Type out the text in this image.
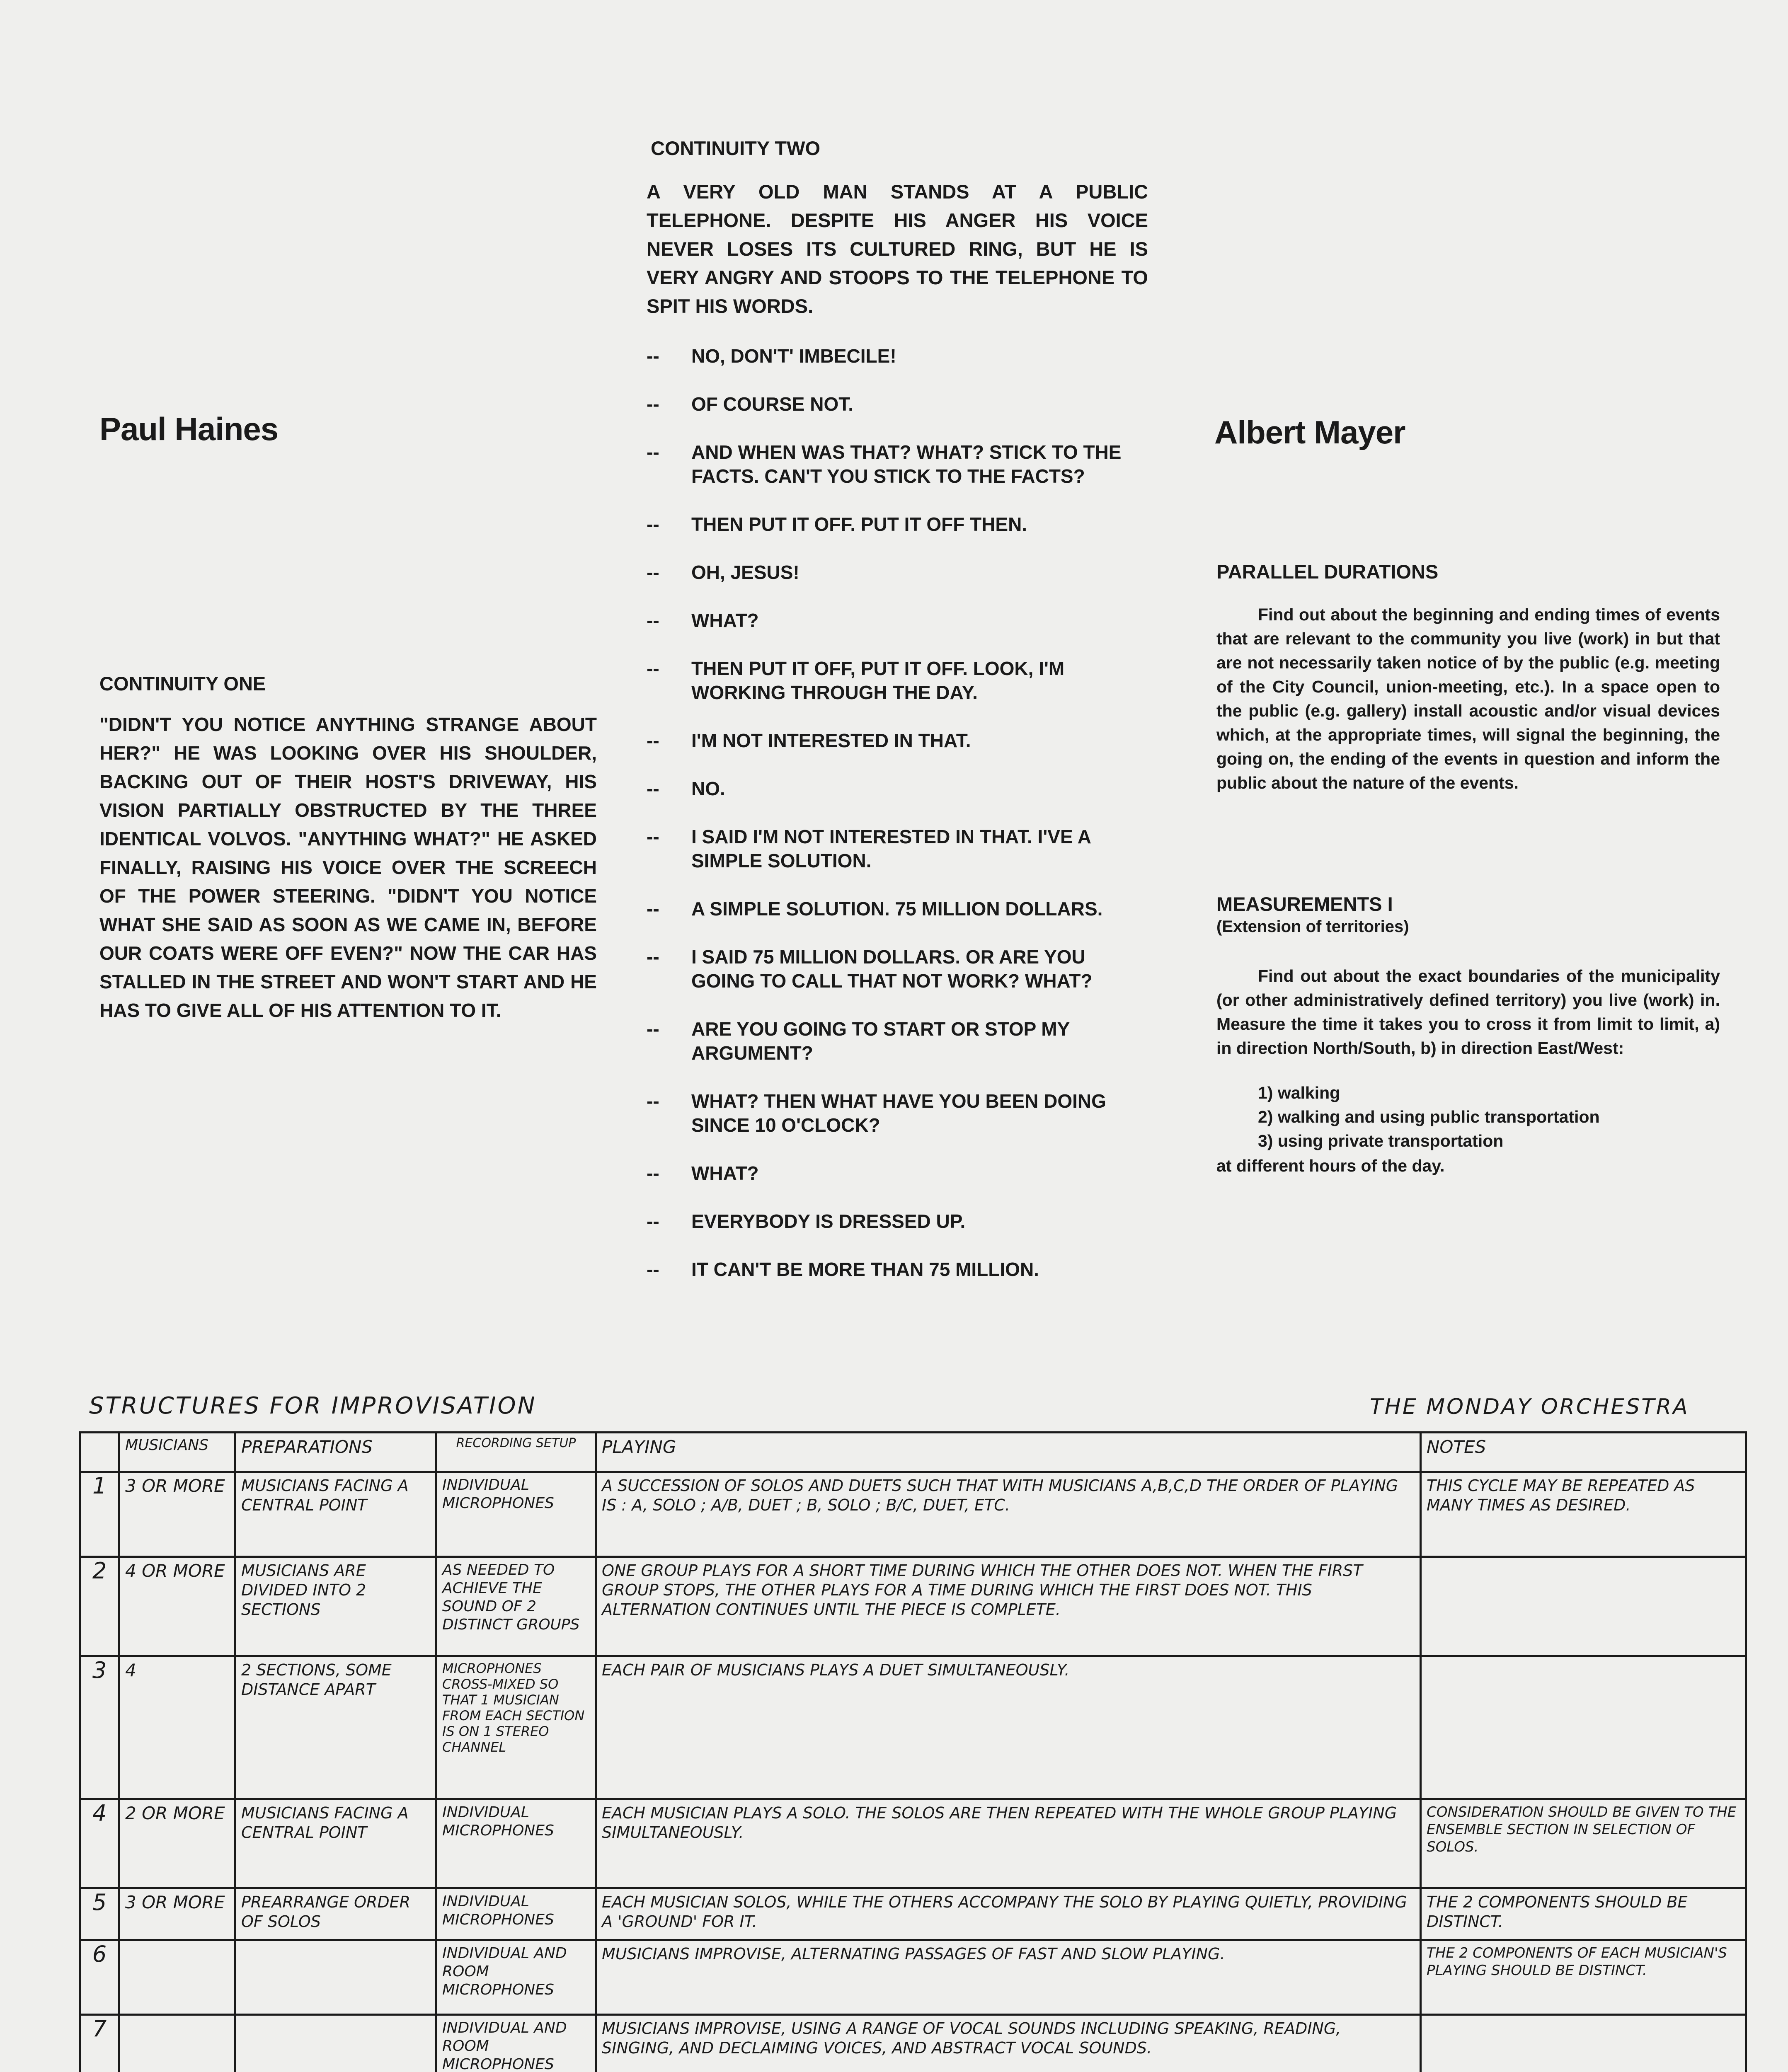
Paul Haines
CONTINUITY ONE
"DIDN'T YOU NOTICE ANYTHING STRANGE ABOUT HER?" HE WAS LOOKING OVER HIS SHOULDER, BACKING OUT OF THEIR HOST'S DRIVEWAY, HIS VISION PARTIALLY OBSTRUCTED BY THE THREE IDENTICAL VOLVOS. "ANYTHING WHAT?" HE ASKED FINALLY, RAISING HIS VOICE OVER THE SCREECH OF THE POWER STEERING. "DIDN'T YOU NOTICE WHAT SHE SAID AS SOON AS WE CAME IN, BEFORE OUR COATS WERE OFF EVEN?" NOW THE CAR HAS STALLED IN THE STREET AND WON'T START AND HE HAS TO GIVE ALL OF HIS ATTENTION TO IT.
CONTINUITY TWO
A VERY OLD MAN STANDS AT A PUBLIC TELEPHONE. DESPITE HIS ANGER HIS VOICE NEVER LOSES ITS CULTURED RING, BUT HE IS VERY ANGRY AND STOOPS TO THE TELEPHONE TO SPIT HIS WORDS.
-- NO, DON'T' IMBECILE!
-- OF COURSE NOT.
-- AND WHEN WAS THAT? WHAT? STICK TO THE FACTS. CAN'T YOU STICK TO THE FACTS?
-- THEN PUT IT OFF. PUT IT OFF THEN.
-- OH, JESUS!
-- WHAT?
-- THEN PUT IT OFF, PUT IT OFF. LOOK, I'M WORKING THROUGH THE DAY.
-- I'M NOT INTERESTED IN THAT.
-- NO.
-- I SAID I'M NOT INTERESTED IN THAT. I'VE A SIMPLE SOLUTION.
-- A SIMPLE SOLUTION. 75 MILLION DOLLARS.
-- I SAID 75 MILLION DOLLARS. OR ARE YOU GOING TO CALL THAT NOT WORK? WHAT?
-- ARE YOU GOING TO START OR STOP MY ARGUMENT?
-- WHAT? THEN WHAT HAVE YOU BEEN DOING SINCE 10 O'CLOCK?
-- WHAT?
-- EVERYBODY IS DRESSED UP.
-- IT CAN'T BE MORE THAN 75 MILLION.
Albert Mayer
PARALLEL DURATIONS
Find out about the beginning and ending times of events that are relevant to the community you live (work) in but that are not necessarily taken notice of by the public (e.g. meeting of the City Council, union-meeting, etc.). In a space open to the public (e.g. gallery) install acoustic and/or visual devices which, at the appropriate times, will signal the beginning, the going on, the ending of the events in question and inform the public about the nature of the events.
MEASUREMENTS I
(Extension of territories)
Find out about the exact boundaries of the municipality (or other administratively defined territory) you live (work) in. Measure the time it takes you to cross it from limit to limit, a) in direction North/South, b) in direction East/West:
1) walking
2) walking and using public transportation
3) using private transportation
at different hours of the day.
STRUCTURES FOR IMPROVISATION	THE MONDAY ORCHESTRA
	MUSICIANS	PREPARATIONS	RECORDING SETUP	PLAYING	NOTES
1	3 OR MORE	MUSICIANS FACING A CENTRAL POINT	INDIVIDUAL MICROPHONES	A SUCCESSION OF SOLOS AND DUETS SUCH THAT WITH MUSICIANS A,B,C,D THE ORDER OF PLAYING IS : A, SOLO ; A/B, DUET ; B, SOLO ; B/C, DUET, ETC.	THIS CYCLE MAY BE REPEATED AS MANY TIMES AS DESIRED.
2	4 OR MORE	MUSICIANS ARE DIVIDED INTO 2 SECTIONS	AS NEEDED TO ACHIEVE THE SOUND OF 2 DISTINCT GROUPS	ONE GROUP PLAYS FOR A SHORT TIME DURING WHICH THE OTHER DOES NOT. WHEN THE FIRST GROUP STOPS, THE OTHER PLAYS FOR A TIME DURING WHICH THE FIRST DOES NOT. THIS ALTERNATION CONTINUES UNTIL THE PIECE IS COMPLETE.	
3	4	2 SECTIONS, SOME DISTANCE APART	MICROPHONES CROSS-MIXED SO THAT 1 MUSICIAN FROM EACH SECTION IS ON 1 STEREO CHANNEL	EACH PAIR OF MUSICIANS PLAYS A DUET SIMULTANEOUSLY.	
4	2 OR MORE	MUSICIANS FACING A CENTRAL POINT	INDIVIDUAL MICROPHONES	EACH MUSICIAN PLAYS A SOLO. THE SOLOS ARE THEN REPEATED WITH THE WHOLE GROUP PLAYING SIMULTANEOUSLY.	CONSIDERATION SHOULD BE GIVEN TO THE ENSEMBLE SECTION IN SELECTION OF SOLOS.
5	3 OR MORE	PREARRANGE ORDER OF SOLOS	INDIVIDUAL MICROPHONES	EACH MUSICIAN SOLOS, WHILE THE OTHERS ACCOMPANY THE SOLO BY PLAYING QUIETLY, PROVIDING A 'GROUND' FOR IT.	THE 2 COMPONENTS SHOULD BE DISTINCT.
6			INDIVIDUAL AND ROOM MICROPHONES	MUSICIANS IMPROVISE, ALTERNATING PASSAGES OF FAST AND SLOW PLAYING.	THE 2 COMPONENTS OF EACH MUSICIAN'S PLAYING SHOULD BE DISTINCT.
7			INDIVIDUAL AND ROOM MICROPHONES	MUSICIANS IMPROVISE, USING A RANGE OF VOCAL SOUNDS INCLUDING SPEAKING, READING, SINGING, AND DECLAIMING VOICES, AND ABSTRACT VOCAL SOUNDS.	
